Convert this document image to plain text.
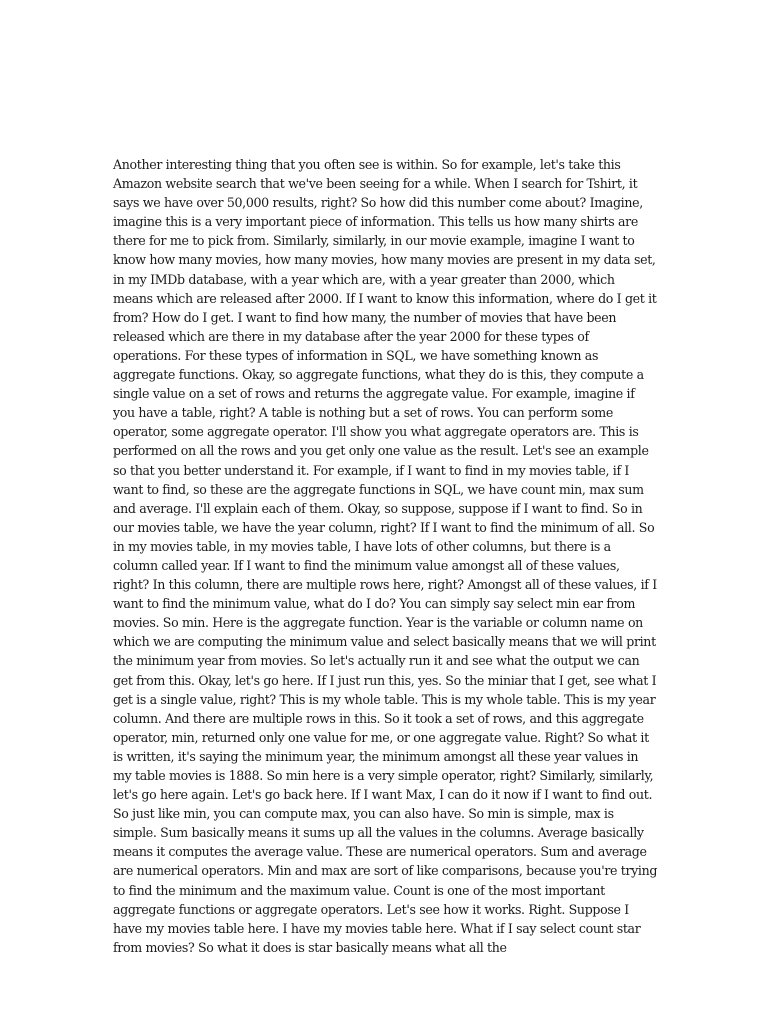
Another interesting thing that you often see is within. So for example, let's take this Amazon website search that we've been seeing for a while. When I search for Tshirt, it says we have over 50,000 results, right? So how did this number come about? Imagine, imagine this is a very important piece of information. This tells us how many shirts are there for me to pick from. Similarly, similarly, in our movie example, imagine I want to know how many movies, how many movies, how many movies are present in my data set, in my IMDb database, with a year which are, with a year greater than 2000, which means which are released after 2000. If I want to know this information, where do I get it from? How do I get. I want to find how many, the number of movies that have been released which are there in my database after the year 2000 for these types of operations. For these types of information in SQL, we have something known as aggregate functions. Okay, so aggregate functions, what they do is this, they compute a single value on a set of rows and returns the aggregate value. For example, imagine if you have a table, right? A table is nothing but a set of rows. You can perform some operator, some aggregate operator. I'll show you what aggregate operators are. This is performed on all the rows and you get only one value as the result. Let's see an example so that you better understand it. For example, if I want to find in my movies table, if I want to find, so these are the aggregate functions in SQL, we have count min, max sum and average. I'll explain each of them. Okay, so suppose, suppose if I want to find. So in our movies table, we have the year column, right? If I want to find the minimum of all. So in my movies table, in my movies table, I have lots of other columns, but there is a column called year. If I want to find the minimum value amongst all of these values, right? In this column, there are multiple rows here, right? Amongst all of these values, if I want to find the minimum value, what do I do? You can simply say select min ear from movies. So min. Here is the aggregate function. Year is the variable or column name on which we are computing the minimum value and select basically means that we will print the minimum year from movies. So let's actually run it and see what the output we can get from this. Okay, let's go here. If I just run this, yes. So the miniar that I get, see what I get is a single value, right? This is my whole table. This is my whole table. This is my year column. And there are multiple rows in this. So it took a set of rows, and this aggregate operator, min, returned only one value for me, or one aggregate value. Right? So what it is written, it's saying the minimum year, the minimum amongst all these year values in my table movies is 1888. So min here is a very simple operator, right? Similarly, similarly, let's go here again. Let's go back here. If I want Max, I can do it now if I want to find out. So just like min, you can compute max, you can also have. So min is simple, max is simple. Sum basically means it sums up all the values in the columns. Average basically means it computes the average value. These are numerical operators. Sum and average are numerical operators. Min and max are sort of like comparisons, because you're trying to find the minimum and the maximum value. Count is one of the most important aggregate functions or aggregate operators. Let's see how it works. Right. Suppose I have my movies table here. I have my movies table here. What if I say select count star from movies? So what it does is star basically means what all the
